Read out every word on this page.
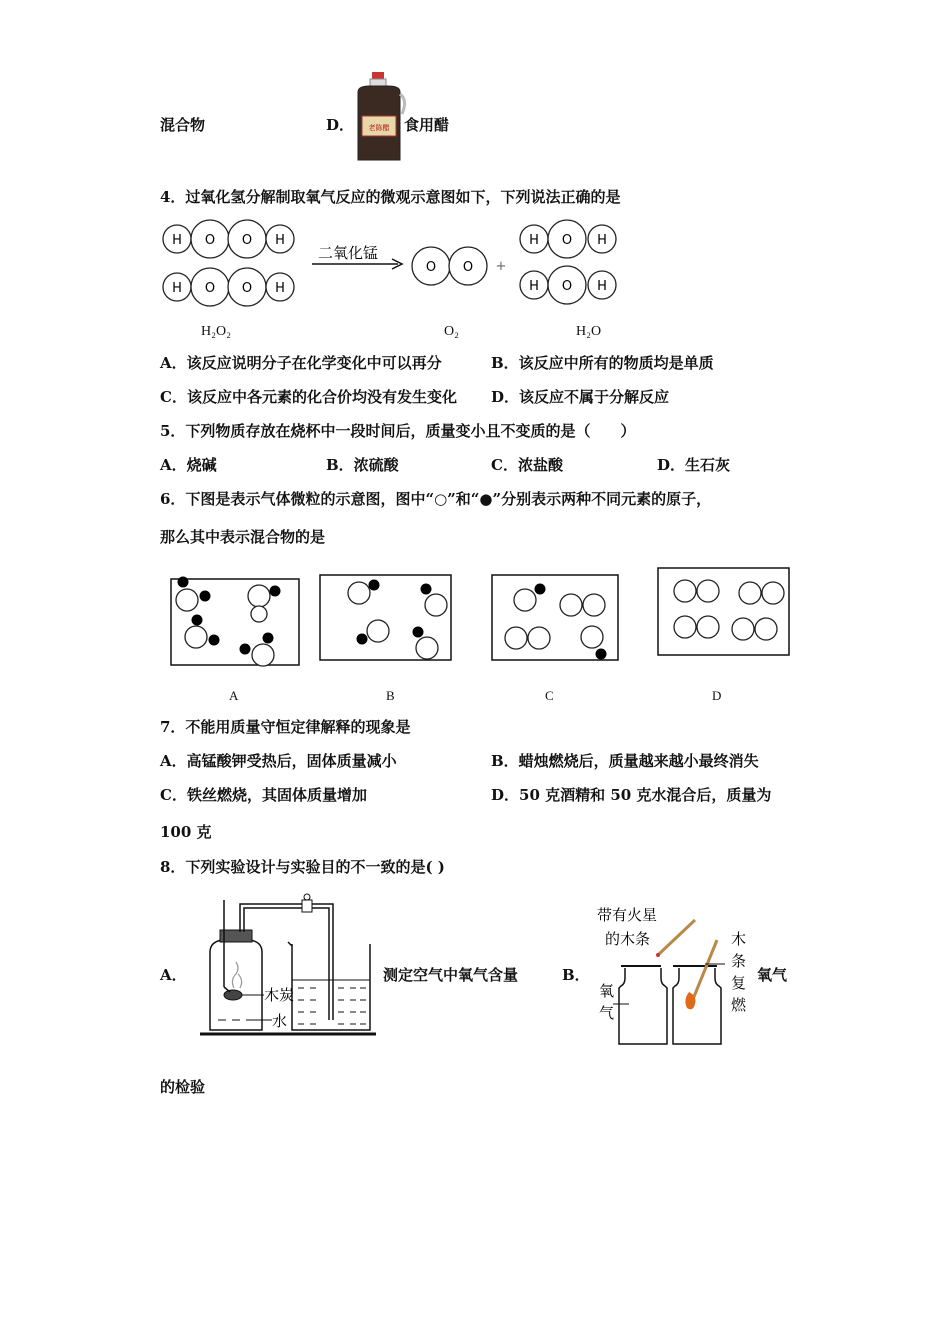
混合物	D． 老陈醋 食用醋
4．过氧化氢分解制取氧气反应的微观示意图如下，下列说法正确的是
H O O H
H O O H
二氧化锰
O O +
H O H
H O H
H₂O₂	O₂	H₂O
A．该反应说明分子在化学变化中可以再分	B．该反应中所有的物质均是单质
C．该反应中各元素的化合价均没有发生变化 D．该反应不属于分解反应
5．下列物质存放在烧杯中一段时间后，质量变小且不变质的是（　　）
A．烧碱	B．浓硫酸	C．浓盐酸	D．生石灰
6．下图是表示气体微粒的示意图，图中“○”和“●”分别表示两种不同元素的原子，
那么其中表示混合物的是
A	B	C	D
7．不能用质量守恒定律解释的现象是
A．高锰酸钾受热后，固体质量减小	B．蜡烛燃烧后，质量越来越小最终消失
C．铁丝燃烧，其固体质量增加	D．50 克酒精和 50 克水混合后，质量为
100 克
8．下列实验设计与实验目的不一致的是( )
A．
木炭
水
测定空气中氧气含量	B．
带有火星
的木条
氧
气
木
条
复
燃
氧气
的检验
